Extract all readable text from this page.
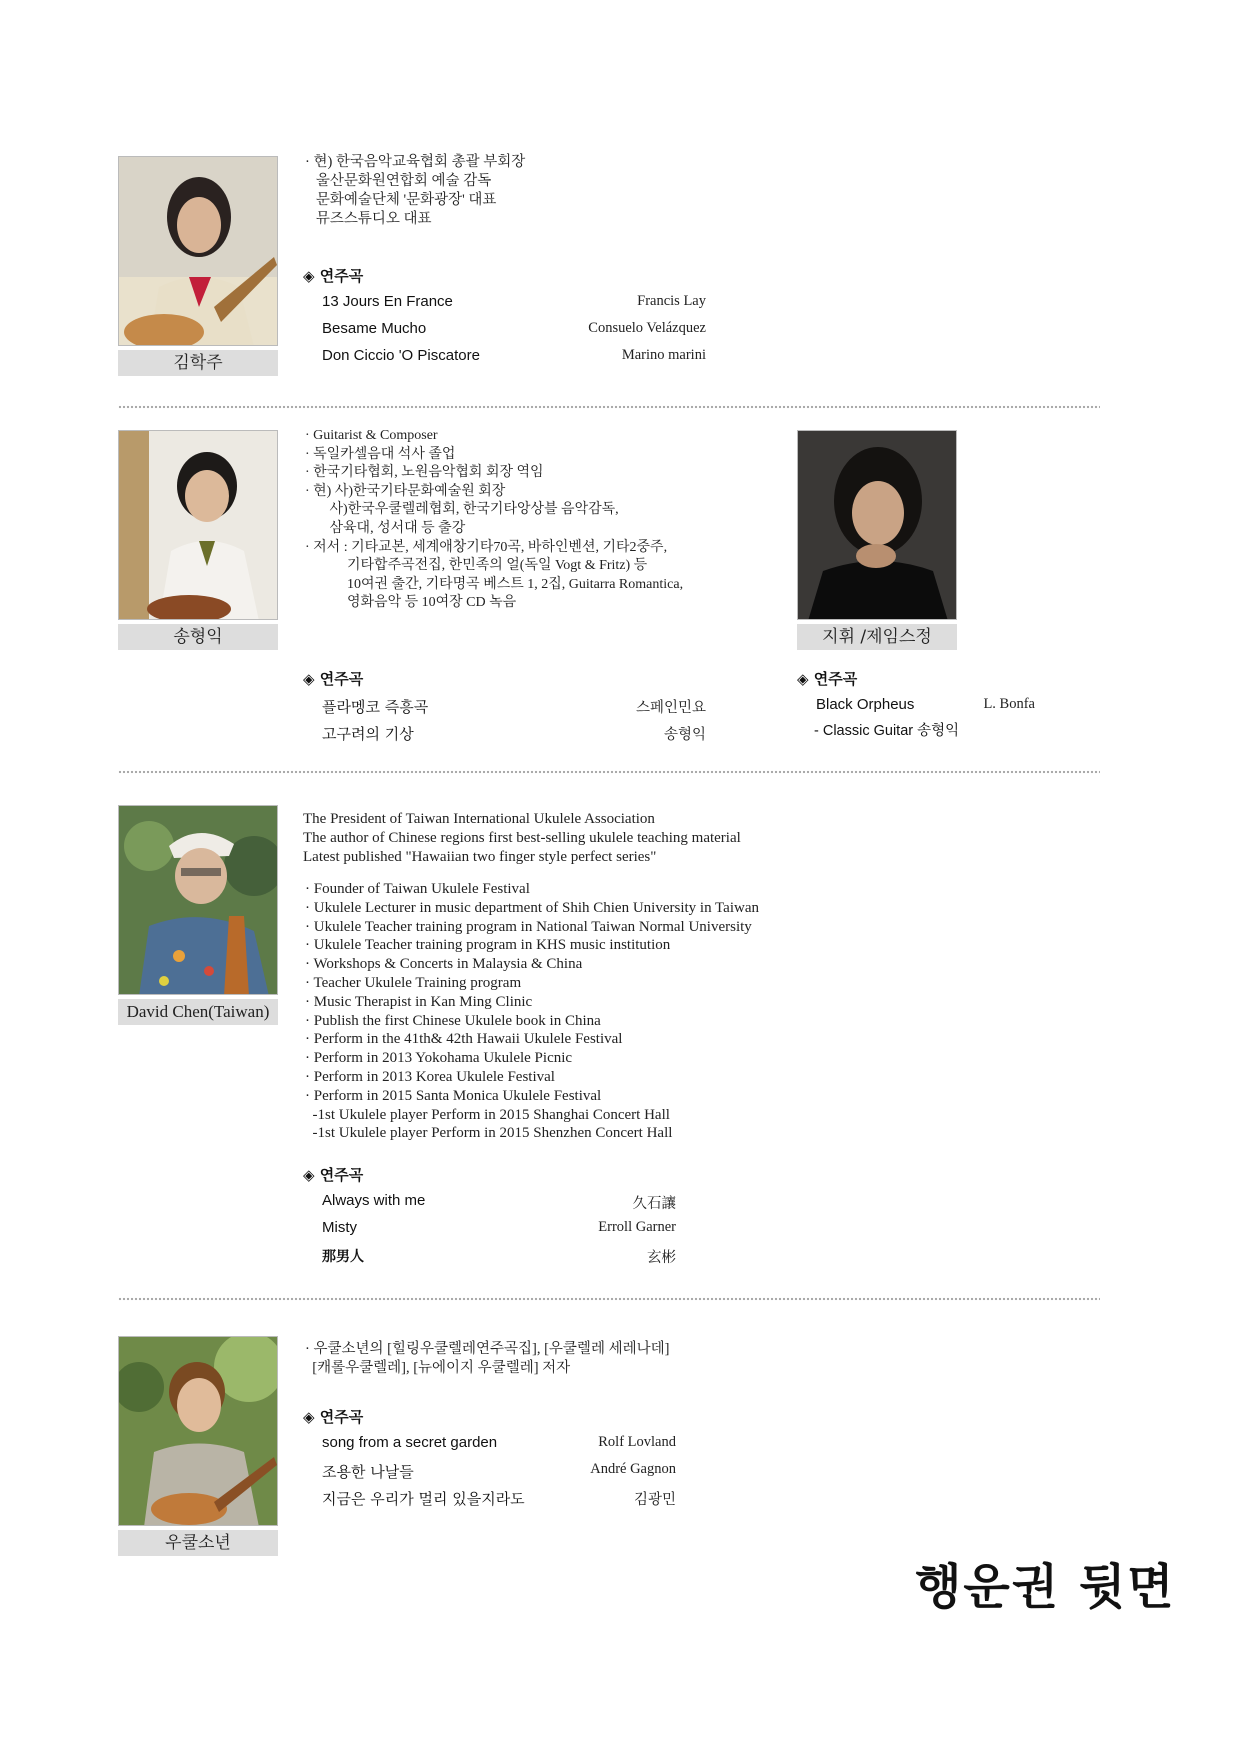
김학주
· 현) 한국음악교육협회 총괄 부회장
울산문화원연합회 예술 감독
문화예술단체 '문화광장' 대표
뮤즈스튜디오 대표
◈ 연주곡
13 Jours En France	Francis Lay
Besame Mucho	Consuelo Velázquez
Don Ciccio 'O Piscatore	Marino marini
송형익
· Guitarist & Composer
· 독일카셀음대 석사 졸업
· 한국기타협회, 노원음악협회 회장 역임
· 현) 사)한국기타문화예술원 회장
사)한국우쿨렐레협회, 한국기타앙상블 음악감독,
삼육대, 성서대 등 출강
· 저서 : 기타교본, 세계애창기타70곡, 바하인벤션, 기타2중주,
기타합주곡전집, 한민족의 얼(독일 Vogt & Fritz) 등
10여권 출간, 기타명곡 베스트 1, 2집, Guitarra Romantica,
영화음악 등 10여장 CD 녹음
◈ 연주곡
플라멩코 즉흥곡	스페인민요
고구려의 기상	송형익
지휘 /제임스정
◈ 연주곡
Black Orpheus	L. Bonfa
- Classic Guitar 송형익
David Chen(Taiwan)
The President of Taiwan International Ukulele Association
The author of Chinese regions first best-selling ukulele teaching material
Latest published "Hawaiian two finger style perfect series"
· Founder of Taiwan Ukulele Festival
· Ukulele Lecturer in music department of Shih Chien University in Taiwan
· Ukulele Teacher training program in National Taiwan Normal University
· Ukulele Teacher training program in KHS music institution
· Workshops & Concerts in Malaysia & China
· Teacher Ukulele Training program
· Music Therapist in Kan Ming Clinic
· Publish the first Chinese Ukulele book in China
· Perform in the 41th& 42th Hawaii Ukulele Festival
· Perform in 2013 Yokohama Ukulele Picnic
· Perform in 2013 Korea Ukulele Festival
· Perform in 2015 Santa Monica Ukulele Festival
-1st Ukulele player Perform in 2015 Shanghai Concert Hall
-1st Ukulele player Perform in 2015 Shenzhen Concert Hall
◈ 연주곡
Always with me	久石讓
Misty	Erroll Garner
那男人	玄彬
우쿨소년
· 우쿨소년의 [힐링우쿨렐레연주곡집], [우쿨렐레 세레나데]
[캐롤우쿨렐레], [뉴에이지 우쿨렐레] 저자
◈ 연주곡
song from a secret garden	Rolf Lovland
조용한 나날들	André Gagnon
지금은 우리가 멀리 있을지라도	김광민
행운권 뒷면
